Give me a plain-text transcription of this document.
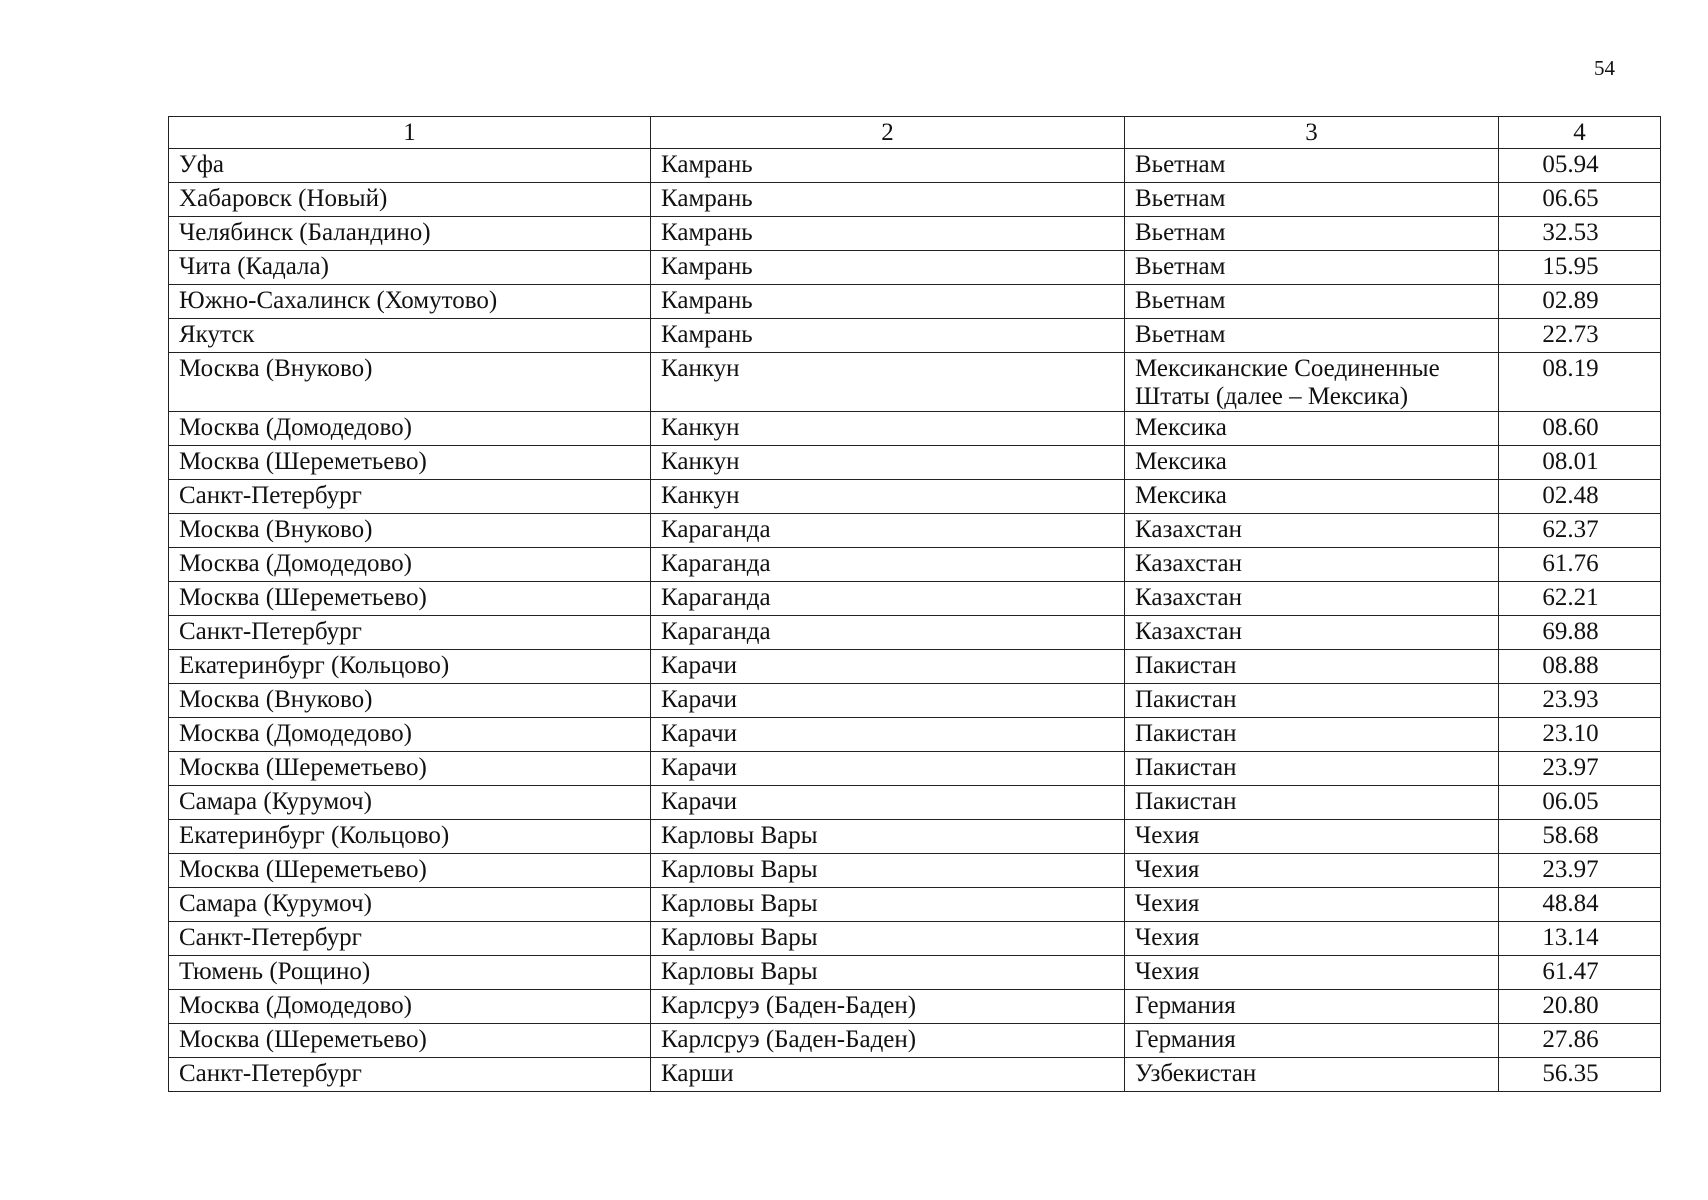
54
1	2	3	4
Уфа	Камрань	Вьетнам	05.94
Хабаровск (Новый)	Камрань	Вьетнам	06.65
Челябинск (Баландино)	Камрань	Вьетнам	32.53
Чита (Кадала)	Камрань	Вьетнам	15.95
Южно-Сахалинск (Хомутово)	Камрань	Вьетнам	02.89
Якутск	Камрань	Вьетнам	22.73
Москва (Внуково)	Канкун	Мексиканские Соединенные Штаты (далее – Мексика)	08.19
Москва (Домодедово)	Канкун	Мексика	08.60
Москва (Шереметьево)	Канкун	Мексика	08.01
Санкт-Петербург	Канкун	Мексика	02.48
Москва (Внуково)	Караганда	Казахстан	62.37
Москва (Домодедово)	Караганда	Казахстан	61.76
Москва (Шереметьево)	Караганда	Казахстан	62.21
Санкт-Петербург	Караганда	Казахстан	69.88
Екатеринбург (Кольцово)	Карачи	Пакистан	08.88
Москва (Внуково)	Карачи	Пакистан	23.93
Москва (Домодедово)	Карачи	Пакистан	23.10
Москва (Шереметьево)	Карачи	Пакистан	23.97
Самара (Курумоч)	Карачи	Пакистан	06.05
Екатеринбург (Кольцово)	Карловы Вары	Чехия	58.68
Москва (Шереметьево)	Карловы Вары	Чехия	23.97
Самара (Курумоч)	Карловы Вары	Чехия	48.84
Санкт-Петербург	Карловы Вары	Чехия	13.14
Тюмень (Рощино)	Карловы Вары	Чехия	61.47
Москва (Домодедово)	Карлсруэ (Баден-Баден)	Германия	20.80
Москва (Шереметьево)	Карлсруэ (Баден-Баден)	Германия	27.86
Санкт-Петербург	Карши	Узбекистан	56.35
